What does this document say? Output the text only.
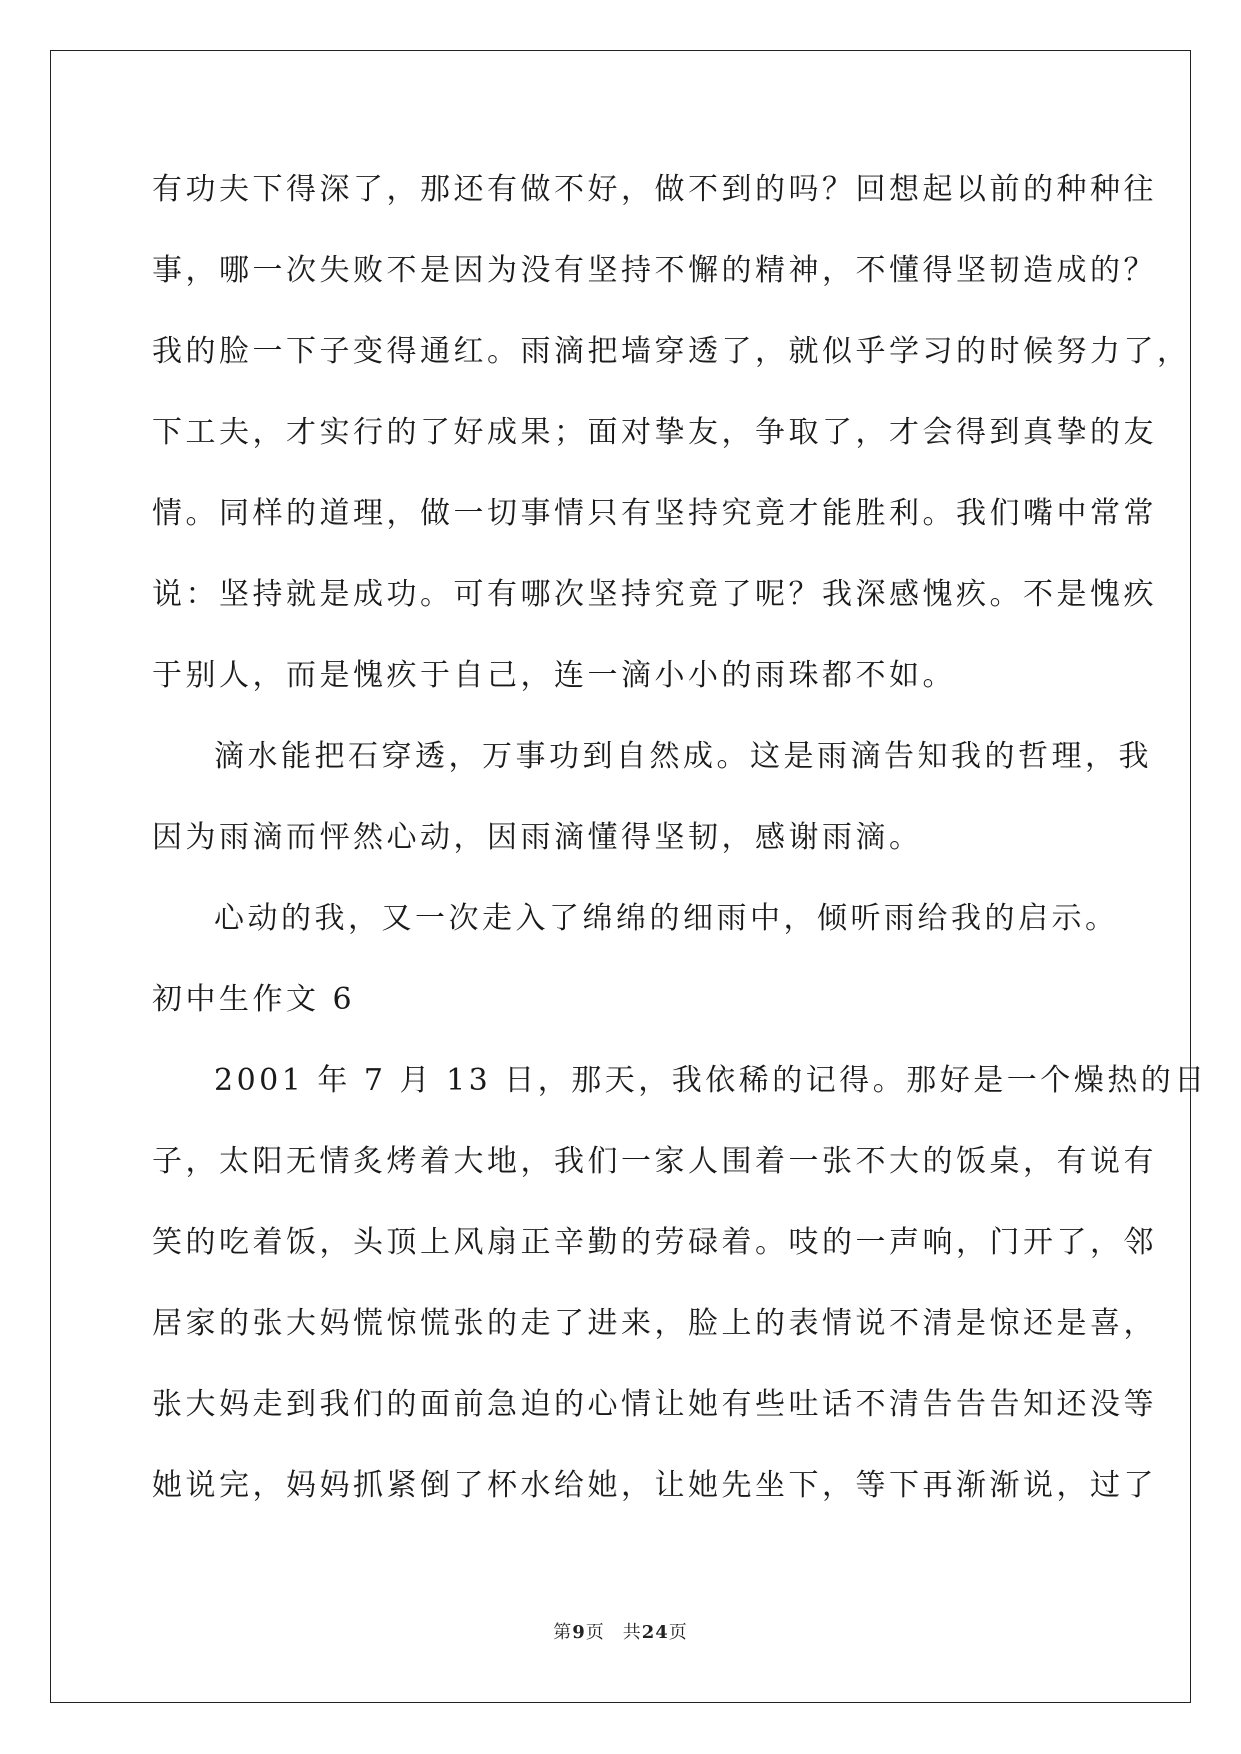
有功夫下得深了，那还有做不好，做不到的吗？回想起以前的种种往
事，哪一次失败不是因为没有坚持不懈的精神，不懂得坚韧造成的？
我的脸一下子变得通红。雨滴把墙穿透了，就似乎学习的时候努力了，
下工夫，才实行的了好成果；面对挚友，争取了，才会得到真挚的友
情。同样的道理，做一切事情只有坚持究竟才能胜利。我们嘴中常常
说：坚持就是成功。可有哪次坚持究竟了呢？我深感愧疚。不是愧疚
于别人，而是愧疚于自己，连一滴小小的雨珠都不如。
滴水能把石穿透，万事功到自然成。这是雨滴告知我的哲理，我
因为雨滴而怦然心动，因雨滴懂得坚韧，感谢雨滴。
心动的我，又一次走入了绵绵的细雨中，倾听雨给我的启示。
初中生作文 6
2001 年 7 月 13 日，那天，我依稀的记得。那好是一个燥热的日
子，太阳无情炙烤着大地，我们一家人围着一张不大的饭桌，有说有
笑的吃着饭，头顶上风扇正辛勤的劳碌着。吱的一声响，门开了，邻
居家的张大妈慌惊慌张的走了进来，脸上的表情说不清是惊还是喜，
张大妈走到我们的面前急迫的心情让她有些吐话不清告告告知还没等
她说完，妈妈抓紧倒了杯水给她，让她先坐下，等下再渐渐说，过了
第9页 共24页
